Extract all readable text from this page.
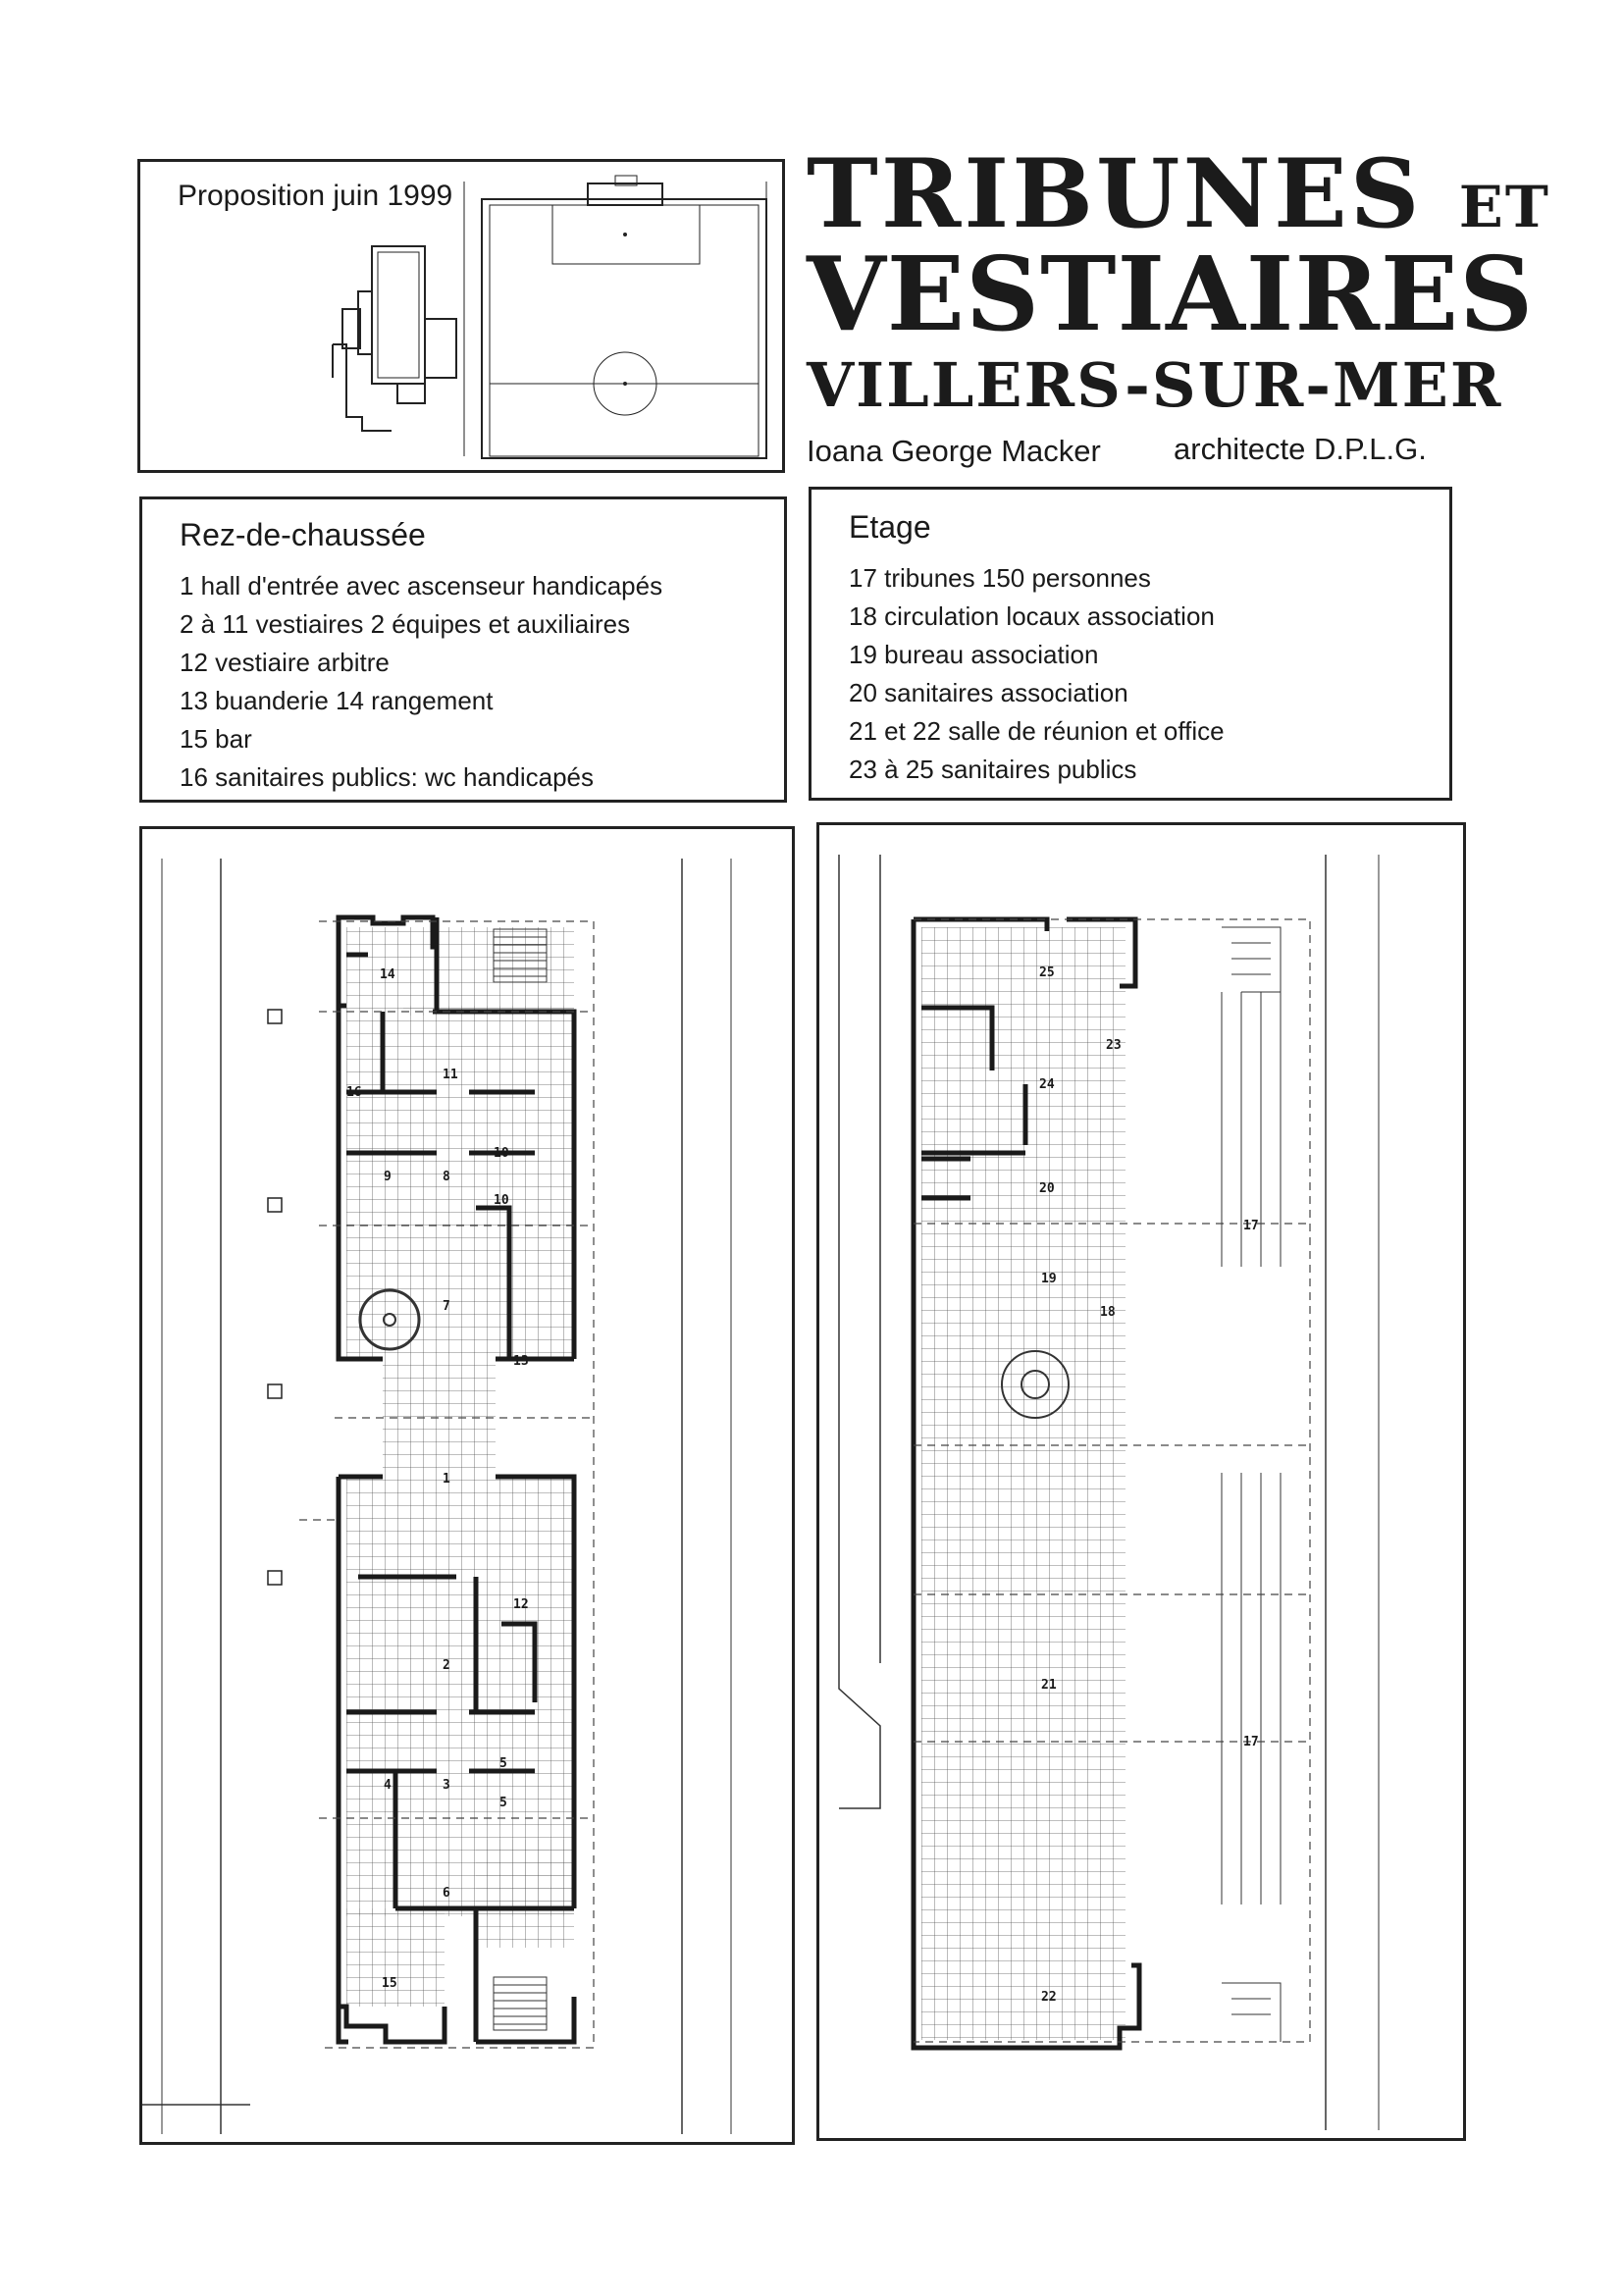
Proposition juin 1999	TRIBUNES ET
VESTIAIRES
VILLERS-SUR-MER
Ioana George Macker architecte D.P.L.G.
Rez-de-chaussée
1 hall d'entrée avec ascenseur handicapés
2 à 11 vestiaires 2 équipes et auxiliaires
12 vestiaire arbitre
13 buanderie 14 rangement
15 bar
16 sanitaires publics: wc handicapés
Etage
17 tribunes 150 personnes
18 circulation locaux association
19 bureau association
20 sanitaires association
21 et 22 salle de réunion et office
23 à 25 sanitaires publics
14
11
16
9	8
10
10
7
13
1
12
2
4	3
5
5
6
15
25
23
24
20
17
19
18
21
17
22
